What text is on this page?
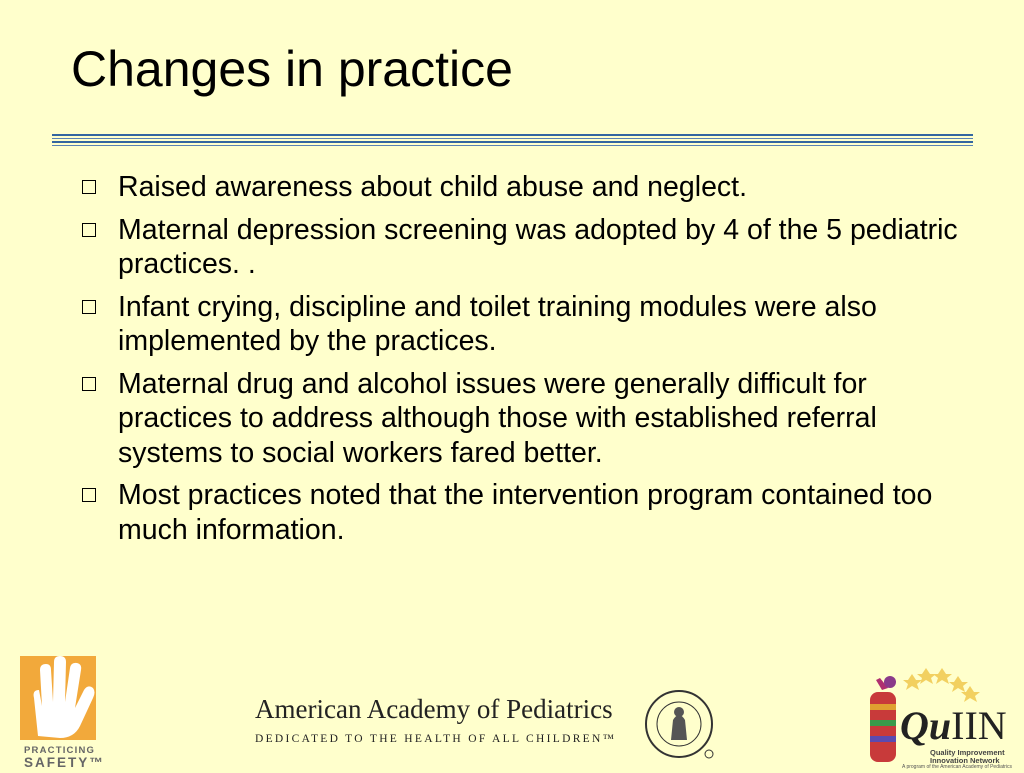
Changes in practice
Raised awareness about child abuse and neglect.
Maternal depression screening was adopted by 4 of the 5 pediatric practices. .
Infant crying, discipline and toilet training modules were also implemented by the practices.
Maternal drug and alcohol issues were generally difficult for practices to address although those with established referral systems to social workers fared better.
Most practices noted that the intervention program contained too much information.
PRACTICING
SAFETY™
American Academy of Pediatrics
DEDICATED TO THE HEALTH OF ALL CHILDREN™	QuIIN
Quality Improvement
Innovation Network
A program of the American Academy of Pediatrics
